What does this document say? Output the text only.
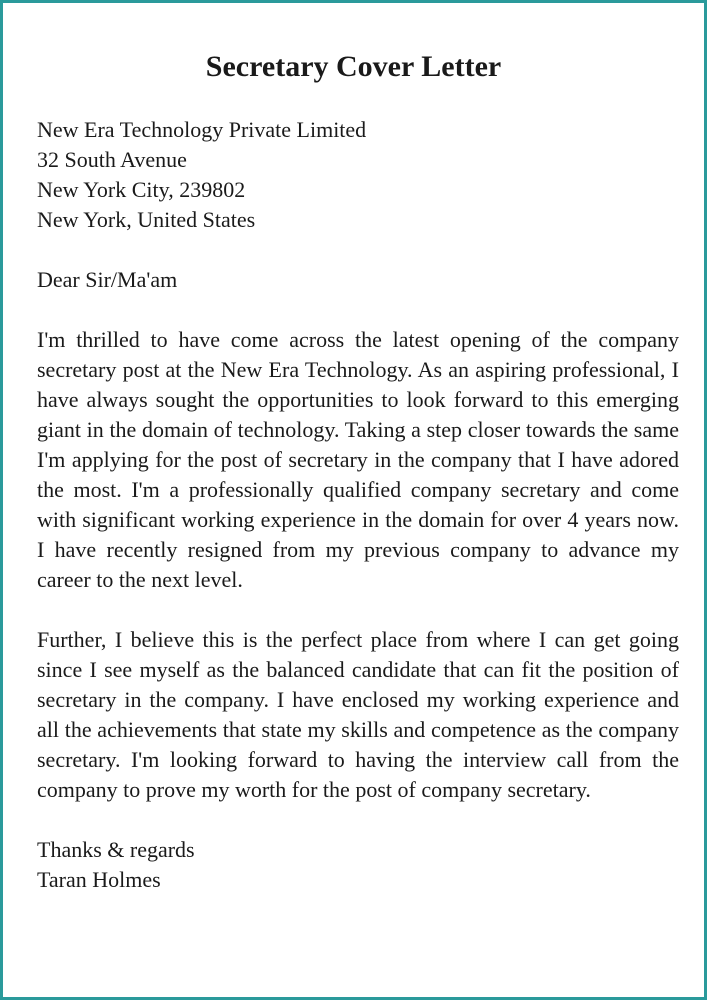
Secretary Cover Letter
New Era Technology Private Limited
32 South Avenue
New York City, 239802
New York, United States
Dear Sir/Ma'am

I'm thrilled to have come across the latest opening of the company secretary post at the New Era Technology. As an aspiring professional, I have always sought the opportunities to look forward to this emerging giant in the domain of technology. Taking a step closer towards the same I'm applying for the post of secretary in the company that I have adored the most. I'm a professionally qualified company secretary and come with significant working experience in the domain for over 4 years now. I have recently resigned from my previous company to advance my career to the next level.

Further, I believe this is the perfect place from where I can get going since I see myself as the balanced candidate that can fit the position of secretary in the company. I have enclosed my working experience and all the achievements that state my skills and competence as the company secretary. I'm looking forward to having the interview call from the company to prove my worth for the post of company secretary.

Thanks & regards
Taran Holmes
